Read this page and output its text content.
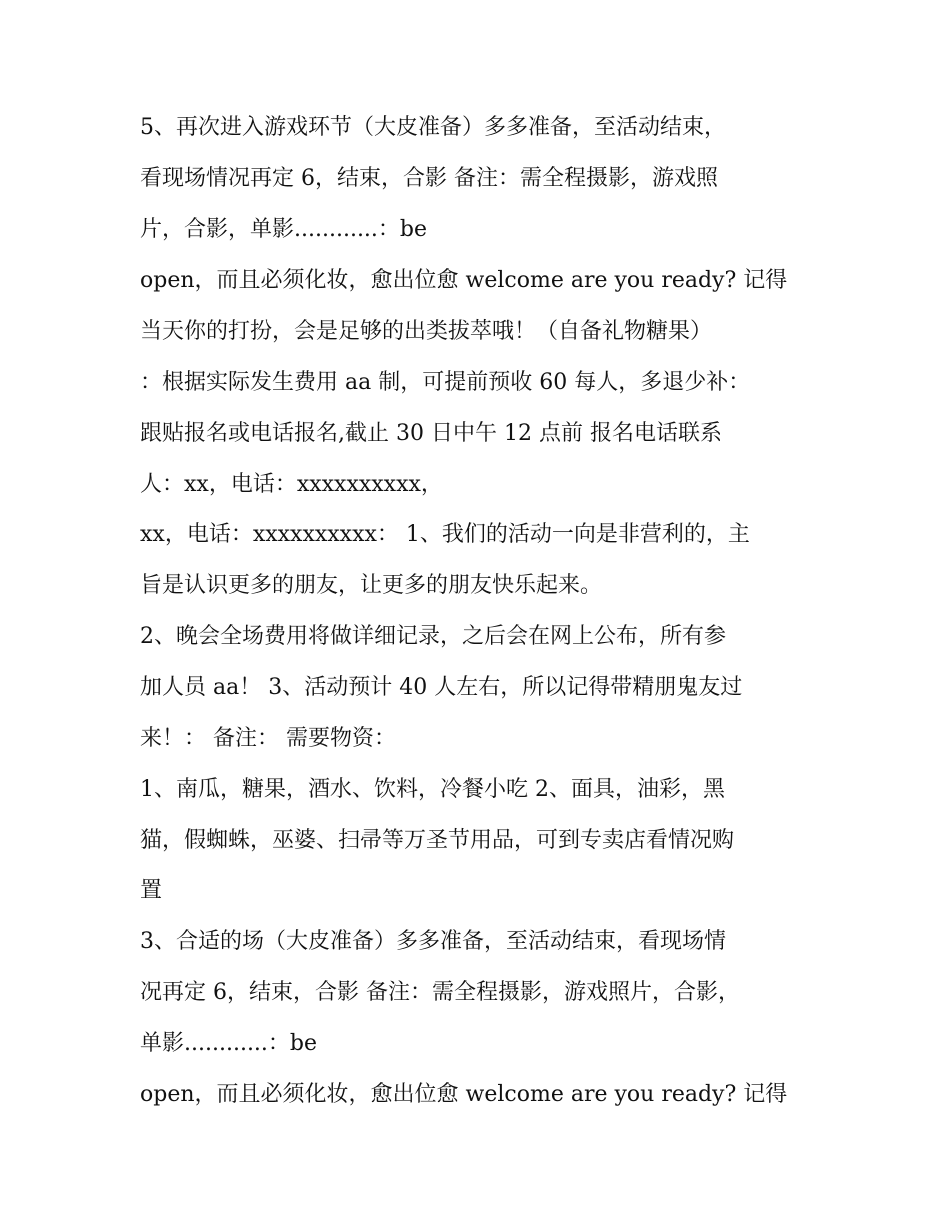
5、再次进入游戏环节（大皮准备）多多准备，至活动结束，
看现场情况再定 6，结束，合影 备注：需全程摄影，游戏照
片，合影，单影............：be
open，而且必须化妆，愈出位愈 welcome are you ready? 记得
当天你的打扮，会是足够的出类拔萃哦！（自备礼物糖果）
：根据实际发生费用 aa 制，可提前预收 60 每人，多退少补：
跟贴报名或电话报名,截止 30 日中午 12 点前 报名电话联系
人：xx，电话：xxxxxxxxxx，
xx，电话：xxxxxxxxxx： 1、我们的活动一向是非营利的，主
旨是认识更多的朋友，让更多的朋友快乐起来。
2、晚会全场费用将做详细记录，之后会在网上公布，所有参
加人员 aa！ 3、活动预计 40 人左右，所以记得带精朋鬼友过
来！： 备注： 需要物资：
1、南瓜，糖果，酒水、饮料，冷餐小吃 2、面具，油彩，黑
猫，假蜘蛛，巫婆、扫帚等万圣节用品，可到专卖店看情况购
置
3、合适的场（大皮准备）多多准备，至活动结束，看现场情
况再定 6，结束，合影 备注：需全程摄影，游戏照片，合影，
单影............：be
open，而且必须化妆，愈出位愈 welcome are you ready? 记得
